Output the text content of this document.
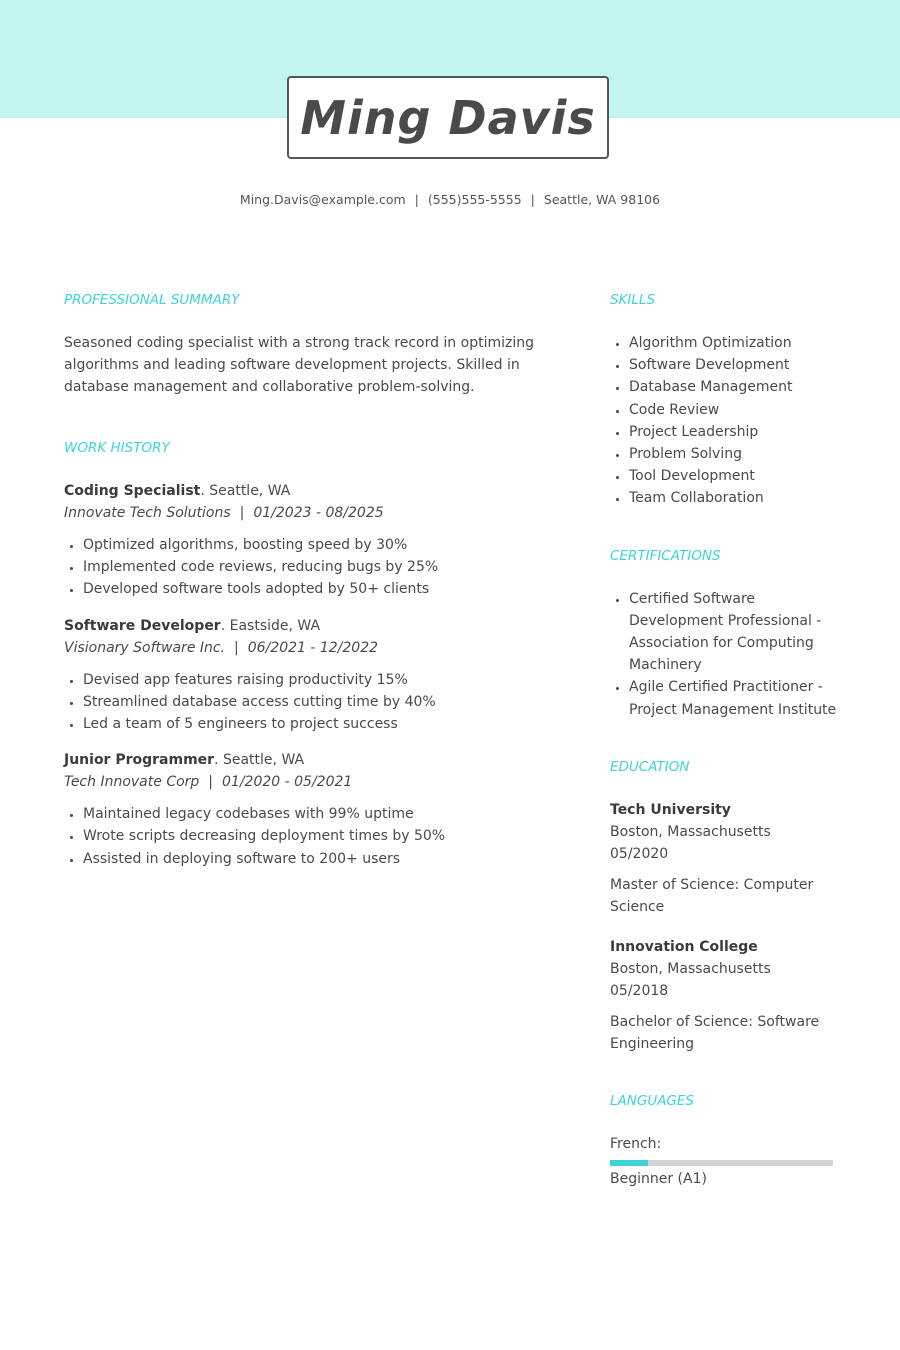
Ming Davis
Ming.Davis@example.com | (555)555-5555 | Seattle, WA 98106
PROFESSIONAL SUMMARY

Seasoned coding specialist with a strong track record in optimizing algorithms and leading software development projects. Skilled in database management and collaborative problem-solving.

WORK HISTORY
Coding Specialist. Seattle, WA
Innovate Tech Solutions | 01/2023 - 08/2025
• Optimized algorithms, boosting speed by 30%
• Implemented code reviews, reducing bugs by 25%
• Developed software tools adopted by 50+ clients
Software Developer. Eastside, WA
Visionary Software Inc. | 06/2021 - 12/2022
• Devised app features raising productivity 15%
• Streamlined database access cutting time by 40%
• Led a team of 5 engineers to project success
Junior Programmer. Seattle, WA
Tech Innovate Corp | 01/2020 - 05/2021
• Maintained legacy codebases with 99% uptime
• Wrote scripts decreasing deployment times by 50%
• Assisted in deploying software to 200+ users
SKILLS
• Algorithm Optimization
• Software Development
• Database Management
• Code Review
• Project Leadership
• Problem Solving
• Tool Development
• Team Collaboration
CERTIFICATIONS
• Certified Software Development Professional - Association for Computing Machinery
• Agile Certified Practitioner - Project Management Institute
EDUCATION
Tech University
Boston, Massachusetts
05/2020
Master of Science: Computer Science
Innovation College
Boston, Massachusetts
05/2018
Bachelor of Science: Software Engineering
LANGUAGES
French:
Beginner (A1)
